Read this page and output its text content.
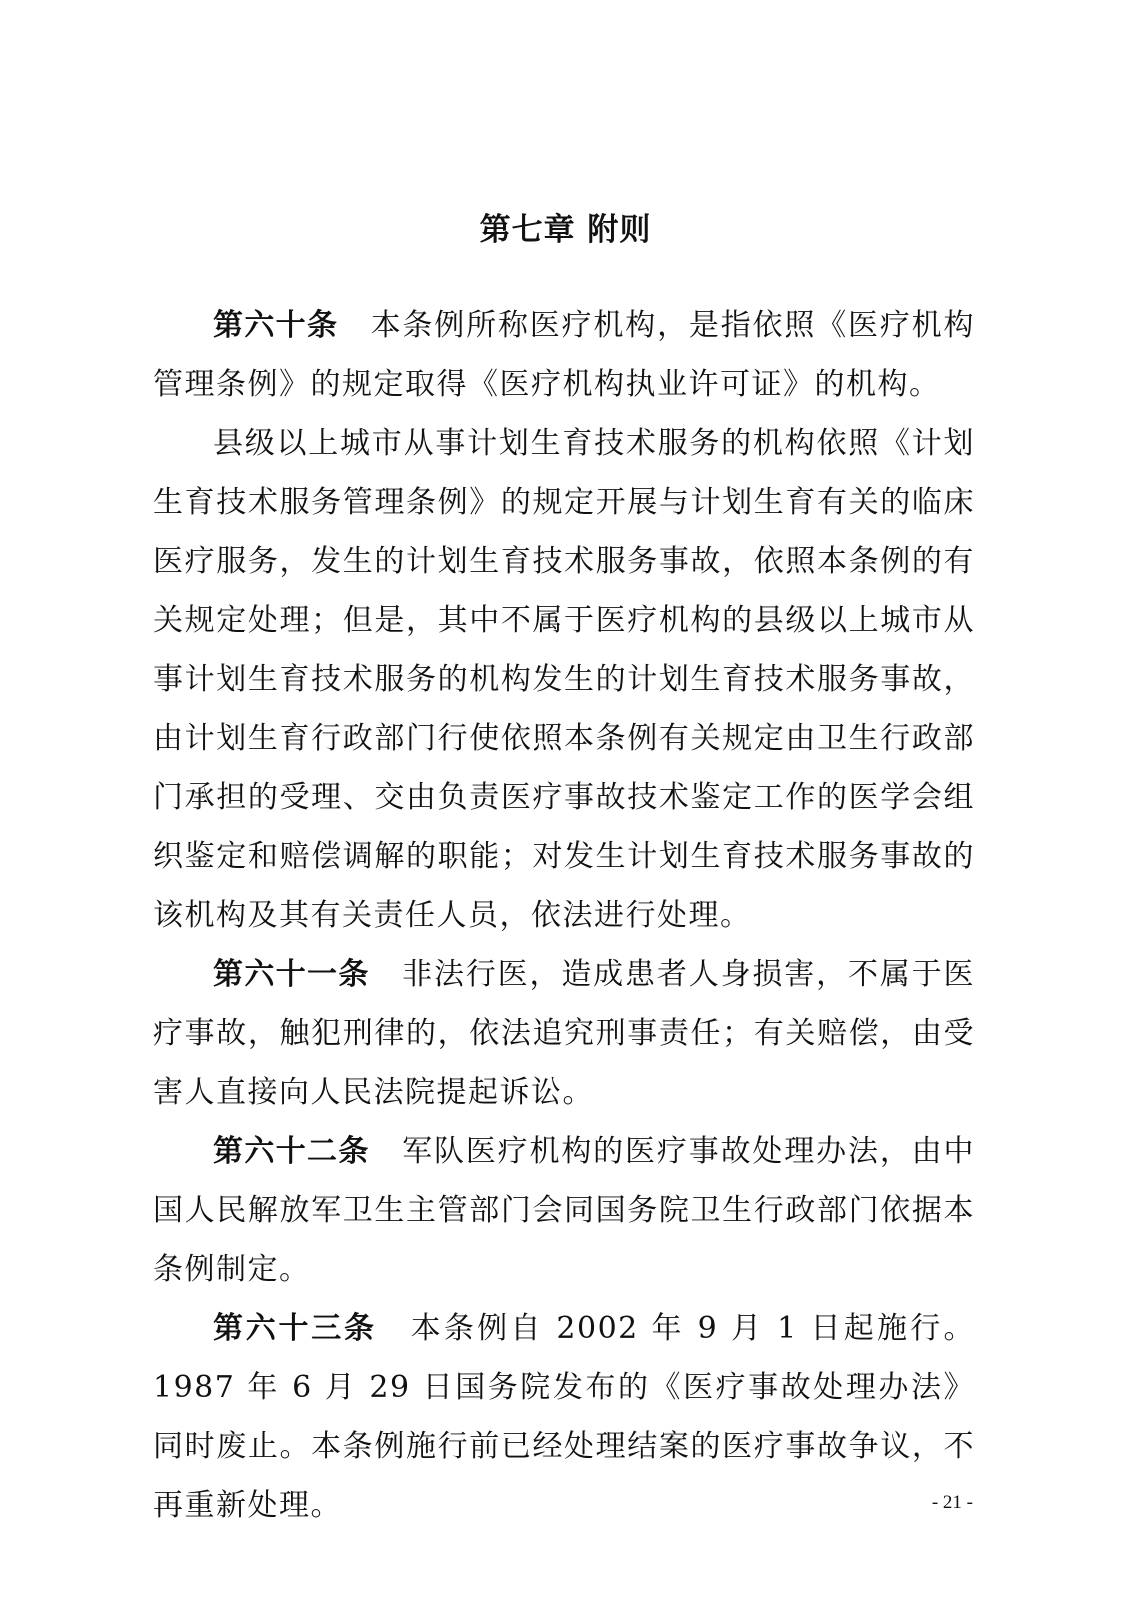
第七章 附则

第六十条 本条例所称医疗机构，是指依照《医疗机构管理条例》的规定取得《医疗机构执业许可证》的机构。

县级以上城市从事计划生育技术服务的机构依照《计划生育技术服务管理条例》的规定开展与计划生育有关的临床医疗服务，发生的计划生育技术服务事故，依照本条例的有关规定处理；但是，其中不属于医疗机构的县级以上城市从事计划生育技术服务的机构发生的计划生育技术服务事故，由计划生育行政部门行使依照本条例有关规定由卫生行政部门承担的受理、交由负责医疗事故技术鉴定工作的医学会组织鉴定和赔偿调解的职能；对发生计划生育技术服务事故的该机构及其有关责任人员，依法进行处理。

第六十一条 非法行医，造成患者人身损害，不属于医疗事故，触犯刑律的，依法追究刑事责任；有关赔偿，由受害人直接向人民法院提起诉讼。

第六十二条 军队医疗机构的医疗事故处理办法，由中国人民解放军卫生主管部门会同国务院卫生行政部门依据本条例制定。

第六十三条 本条例自 2002 年 9 月 1 日起施行。1987 年 6 月 29 日国务院发布的《医疗事故处理办法》同时废止。本条例施行前已经处理结案的医疗事故争议，不再重新处理。	- 21 -
